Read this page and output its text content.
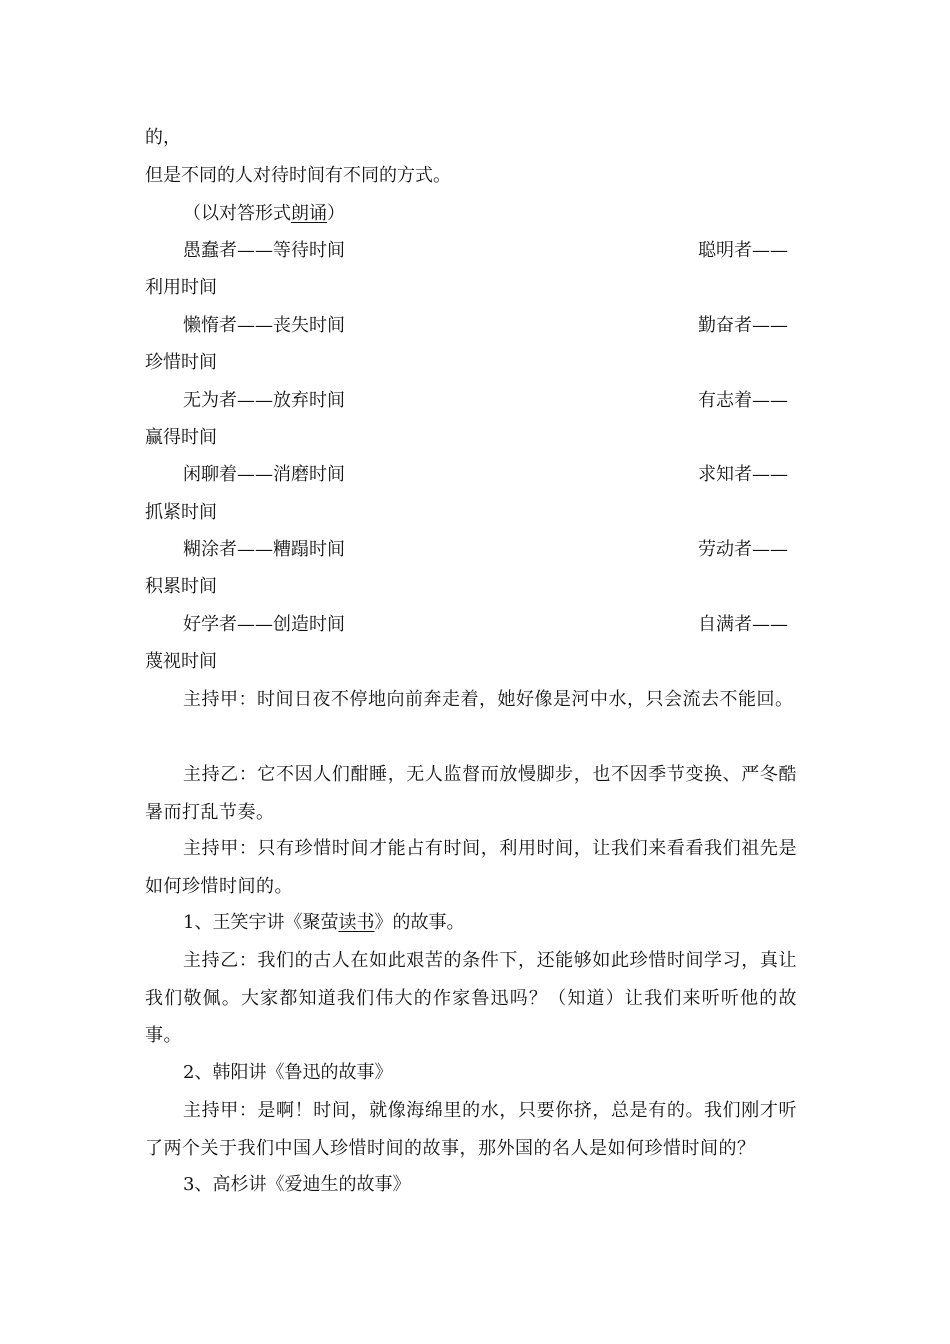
的，
但是不同的人对待时间有不同的方式。
（以对答形式朗诵）
愚蠢者——等待时间	聪明者——
利用时间
懒惰者——丧失时间	勤奋者——
珍惜时间
无为者——放弃时间	有志着——
赢得时间
闲聊着——消磨时间	求知者——
抓紧时间
糊涂者——糟蹋时间	劳动者——
积累时间
好学者——创造时间	自满者——
蔑视时间
主持甲：时间日夜不停地向前奔走着，她好像是河中水，只会流去不能回。
主持乙：它不因人们酣睡，无人监督而放慢脚步，也不因季节变换、严冬酷暑而打乱节奏。
主持甲：只有珍惜时间才能占有时间，利用时间，让我们来看看我们祖先是如何珍惜时间的。
1、王笑宇讲《聚萤读书》的故事。
主持乙：我们的古人在如此艰苦的条件下，还能够如此珍惜时间学习，真让我们敬佩。大家都知道我们伟大的作家鲁迅吗？（知道）让我们来听听他的故事。
2、韩阳讲《鲁迅的故事》
主持甲：是啊！时间，就像海绵里的水，只要你挤，总是有的。我们刚才听了两个关于我们中国人珍惜时间的故事，那外国的名人是如何珍惜时间的？
3、高杉讲《爱迪生的故事》
